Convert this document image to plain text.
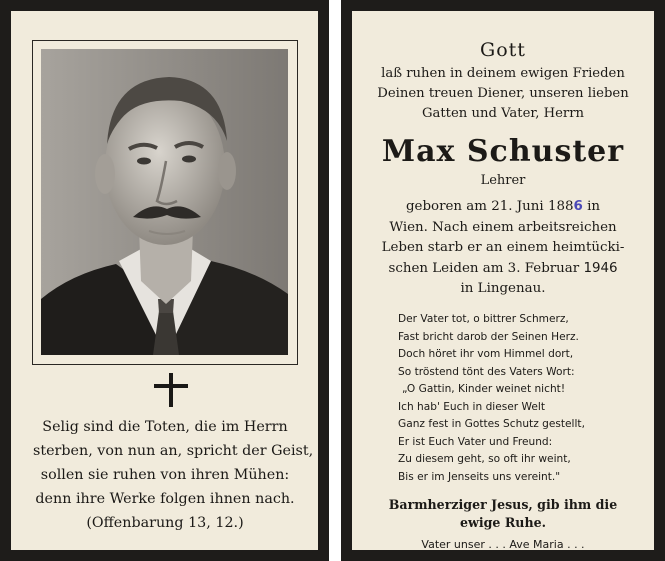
Selig sind die Toten, die im Herrn
sterben, von nun an, spricht der Geist,
sollen sie ruhen von ihren Mühen:
denn ihre Werke folgen ihnen nach.
(Offenbarung 13, 12.)
Gott
laß ruhen in deinem ewigen Frieden
Deinen treuen Diener, unseren lieben
Gatten und Vater, Herrn
Max Schuster
Lehrer
geboren am 21. Juni 1886 in
Wien. Nach einem arbeitsreichen
Leben starb er an einem heimtücki-
schen Leiden am 3. Februar 1946
in Lingenau.
Der Vater tot, o bittrer Schmerz,
Fast bricht darob der Seinen Herz.
Doch höret ihr vom Himmel dort,
So tröstend tönt des Vaters Wort:
„O Gattin, Kinder weinet nicht!
Ich hab' Euch in dieser Welt
Ganz fest in Gottes Schutz gestellt,
Er ist Euch Vater und Freund:
Zu diesem geht, so oft ihr weint,
Bis er im Jenseits uns vereint."
Barmherziger Jesus, gib ihm die
ewige Ruhe.
Vater unser . . . Ave Maria . . .
